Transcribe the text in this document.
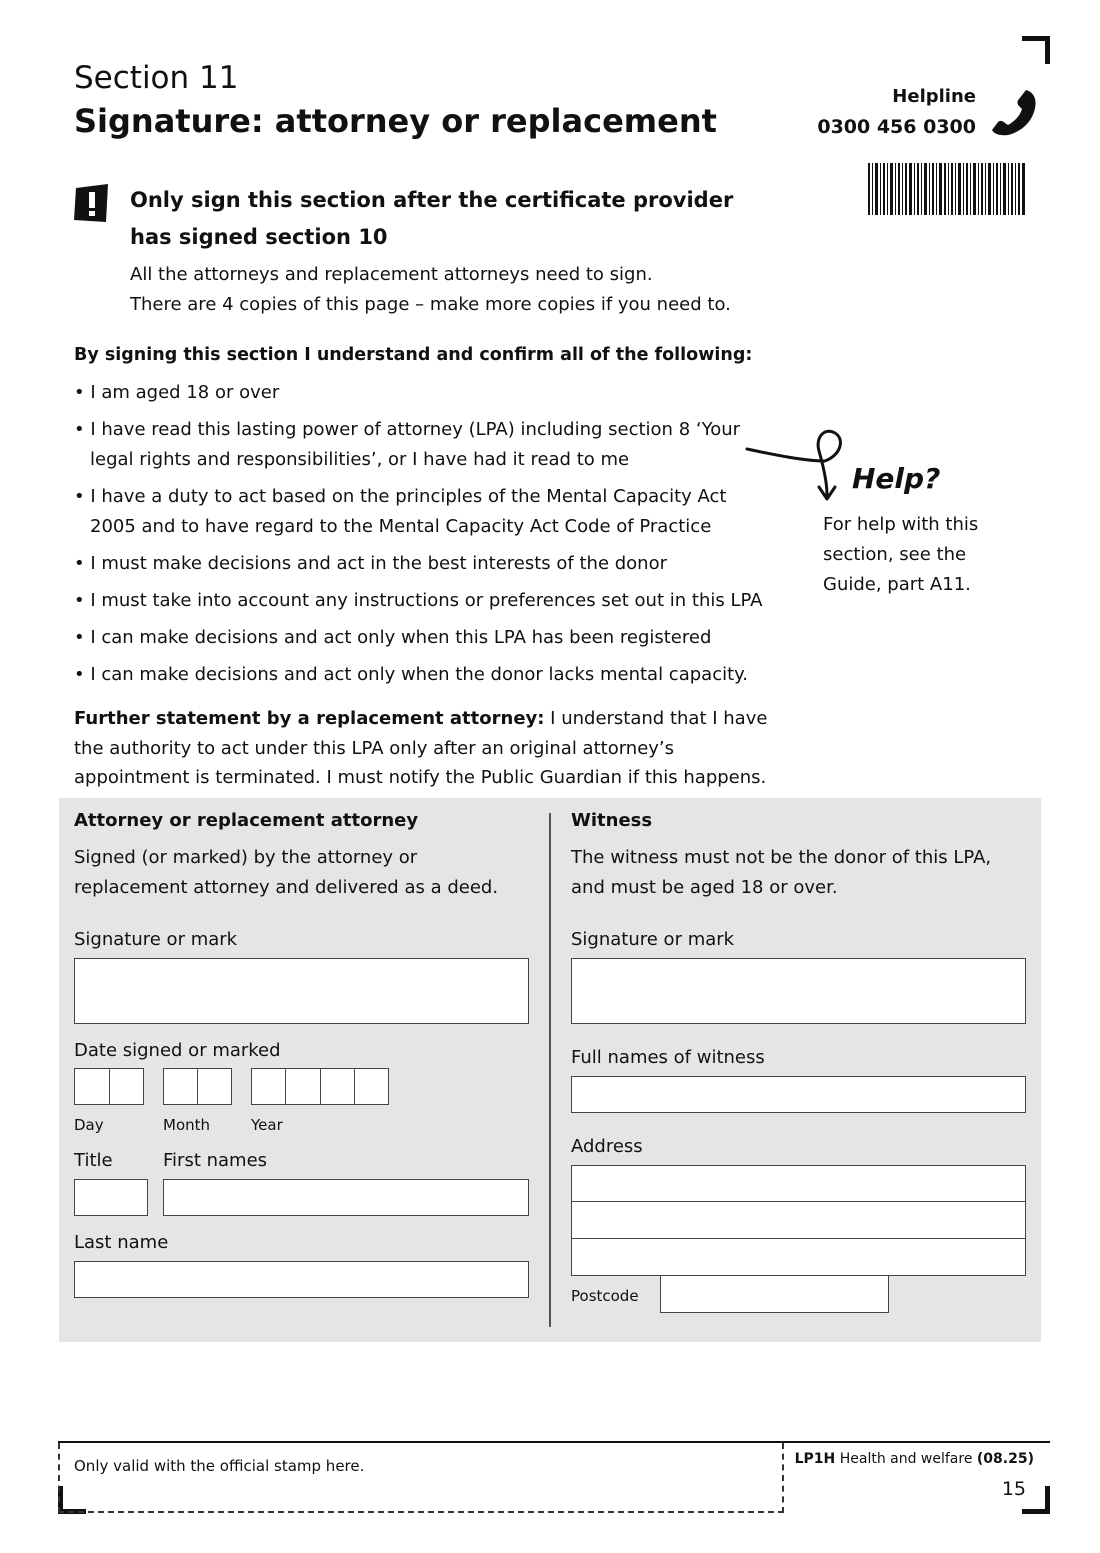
Section 11
Signature: attorney or replacement
Helpline
0300 456 0300
Only sign this section after the certificate provider has signed section 10
All the attorneys and replacement attorneys need to sign.
There are 4 copies of this page – make more copies if you need to.
By signing this section I understand and confirm all of the following:
• I am aged 18 or over
• I have read this lasting power of attorney (LPA) including section 8 ‘Your legal rights and responsibilities’, or I have had it read to me
• I have a duty to act based on the principles of the Mental Capacity Act 2005 and to have regard to the Mental Capacity Act Code of Practice
• I must make decisions and act in the best interests of the donor
• I must take into account any instructions or preferences set out in this LPA
• I can make decisions and act only when this LPA has been registered
• I can make decisions and act only when the donor lacks mental capacity.
Help?
For help with this section, see the Guide, part A11.
Further statement by a replacement attorney: I understand that I have the authority to act under this LPA only after an original attorney’s appointment is terminated. I must notify the Public Guardian if this happens.
Attorney or replacement attorney
Signed (or marked) by the attorney or replacement attorney and delivered as a deed.
Signature or mark
Date signed or marked
Day	Month	Year
Title	First names
Last name
Witness
The witness must not be the donor of this LPA, and must be aged 18 or over.
Signature or mark
Full names of witness
Address
Postcode
Only valid with the official stamp here.	LP1H Health and welfare (08.25)
15
